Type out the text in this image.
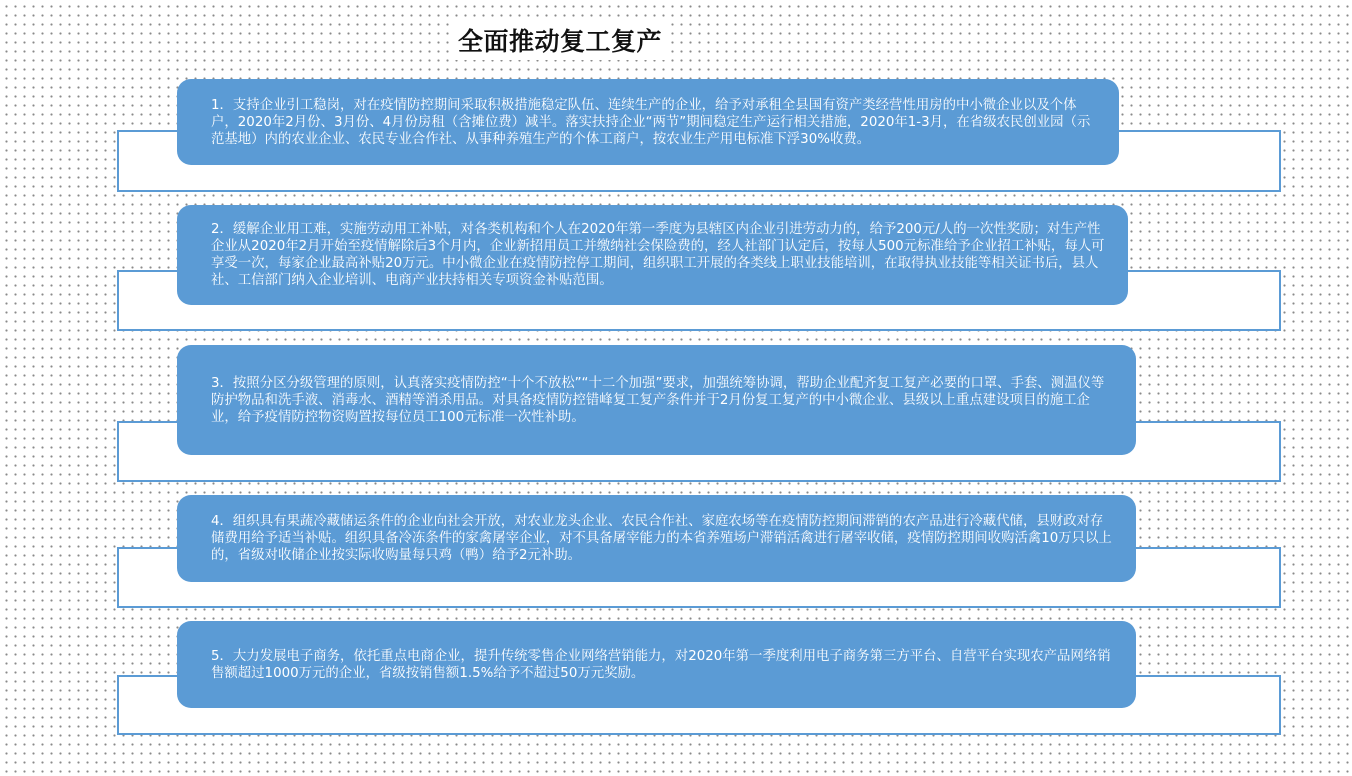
全面推动复工复产

1．支持企业引工稳岗，对在疫情防控期间采取积极措施稳定队伍、连续生产的企业，给予对承租全县国有资产类经营性用房的中小微企业以及个体户，2020年2月份、3月份、4月份房租（含摊位费）减半。落实扶持企业“两节”期间稳定生产运行相关措施，2020年1-3月，在省级农民创业园（示范基地）内的农业企业、农民专业合作社、从事种养殖生产的个体工商户，按农业生产用电标准下浮30%收费。

2．缓解企业用工难，实施劳动用工补贴，对各类机构和个人在2020年第一季度为县辖区内企业引进劳动力的，给予200元/人的一次性奖励；对生产性企业从2020年2月开始至疫情解除后3个月内，企业新招用员工并缴纳社会保险费的，经人社部门认定后，按每人500元标准给予企业招工补贴，每人可享受一次，每家企业最高补贴20万元。中小微企业在疫情防控停工期间，组织职工开展的各类线上职业技能培训，在取得执业技能等相关证书后，县人社、工信部门纳入企业培训、电商产业扶持相关专项资金补贴范围。

3．按照分区分级管理的原则，认真落实疫情防控“十个不放松”“十二个加强”要求，加强统筹协调，帮助企业配齐复工复产必要的口罩、手套、测温仪等防护物品和洗手液、消毒水、酒精等消杀用品。对具备疫情防控错峰复工复产条件并于2月份复工复产的中小微企业、县级以上重点建设项目的施工企业，给予疫情防控物资购置按每位员工100元标准一次性补助。

4．组织具有果蔬冷藏储运条件的企业向社会开放，对农业龙头企业、农民合作社、家庭农场等在疫情防控期间滞销的农产品进行冷藏代储，县财政对存储费用给予适当补贴。组织具备冷冻条件的家禽屠宰企业，对不具备屠宰能力的本省养殖场户滞销活禽进行屠宰收储，疫情防控期间收购活禽10万只以上的，省级对收储企业按实际收购量每只鸡（鸭）给予2元补助。

5．大力发展电子商务，依托重点电商企业，提升传统零售企业网络营销能力，对2020年第一季度利用电子商务第三方平台、自营平台实现农产品网络销售额超过1000万元的企业，省级按销售额1.5%给予不超过50万元奖励。
